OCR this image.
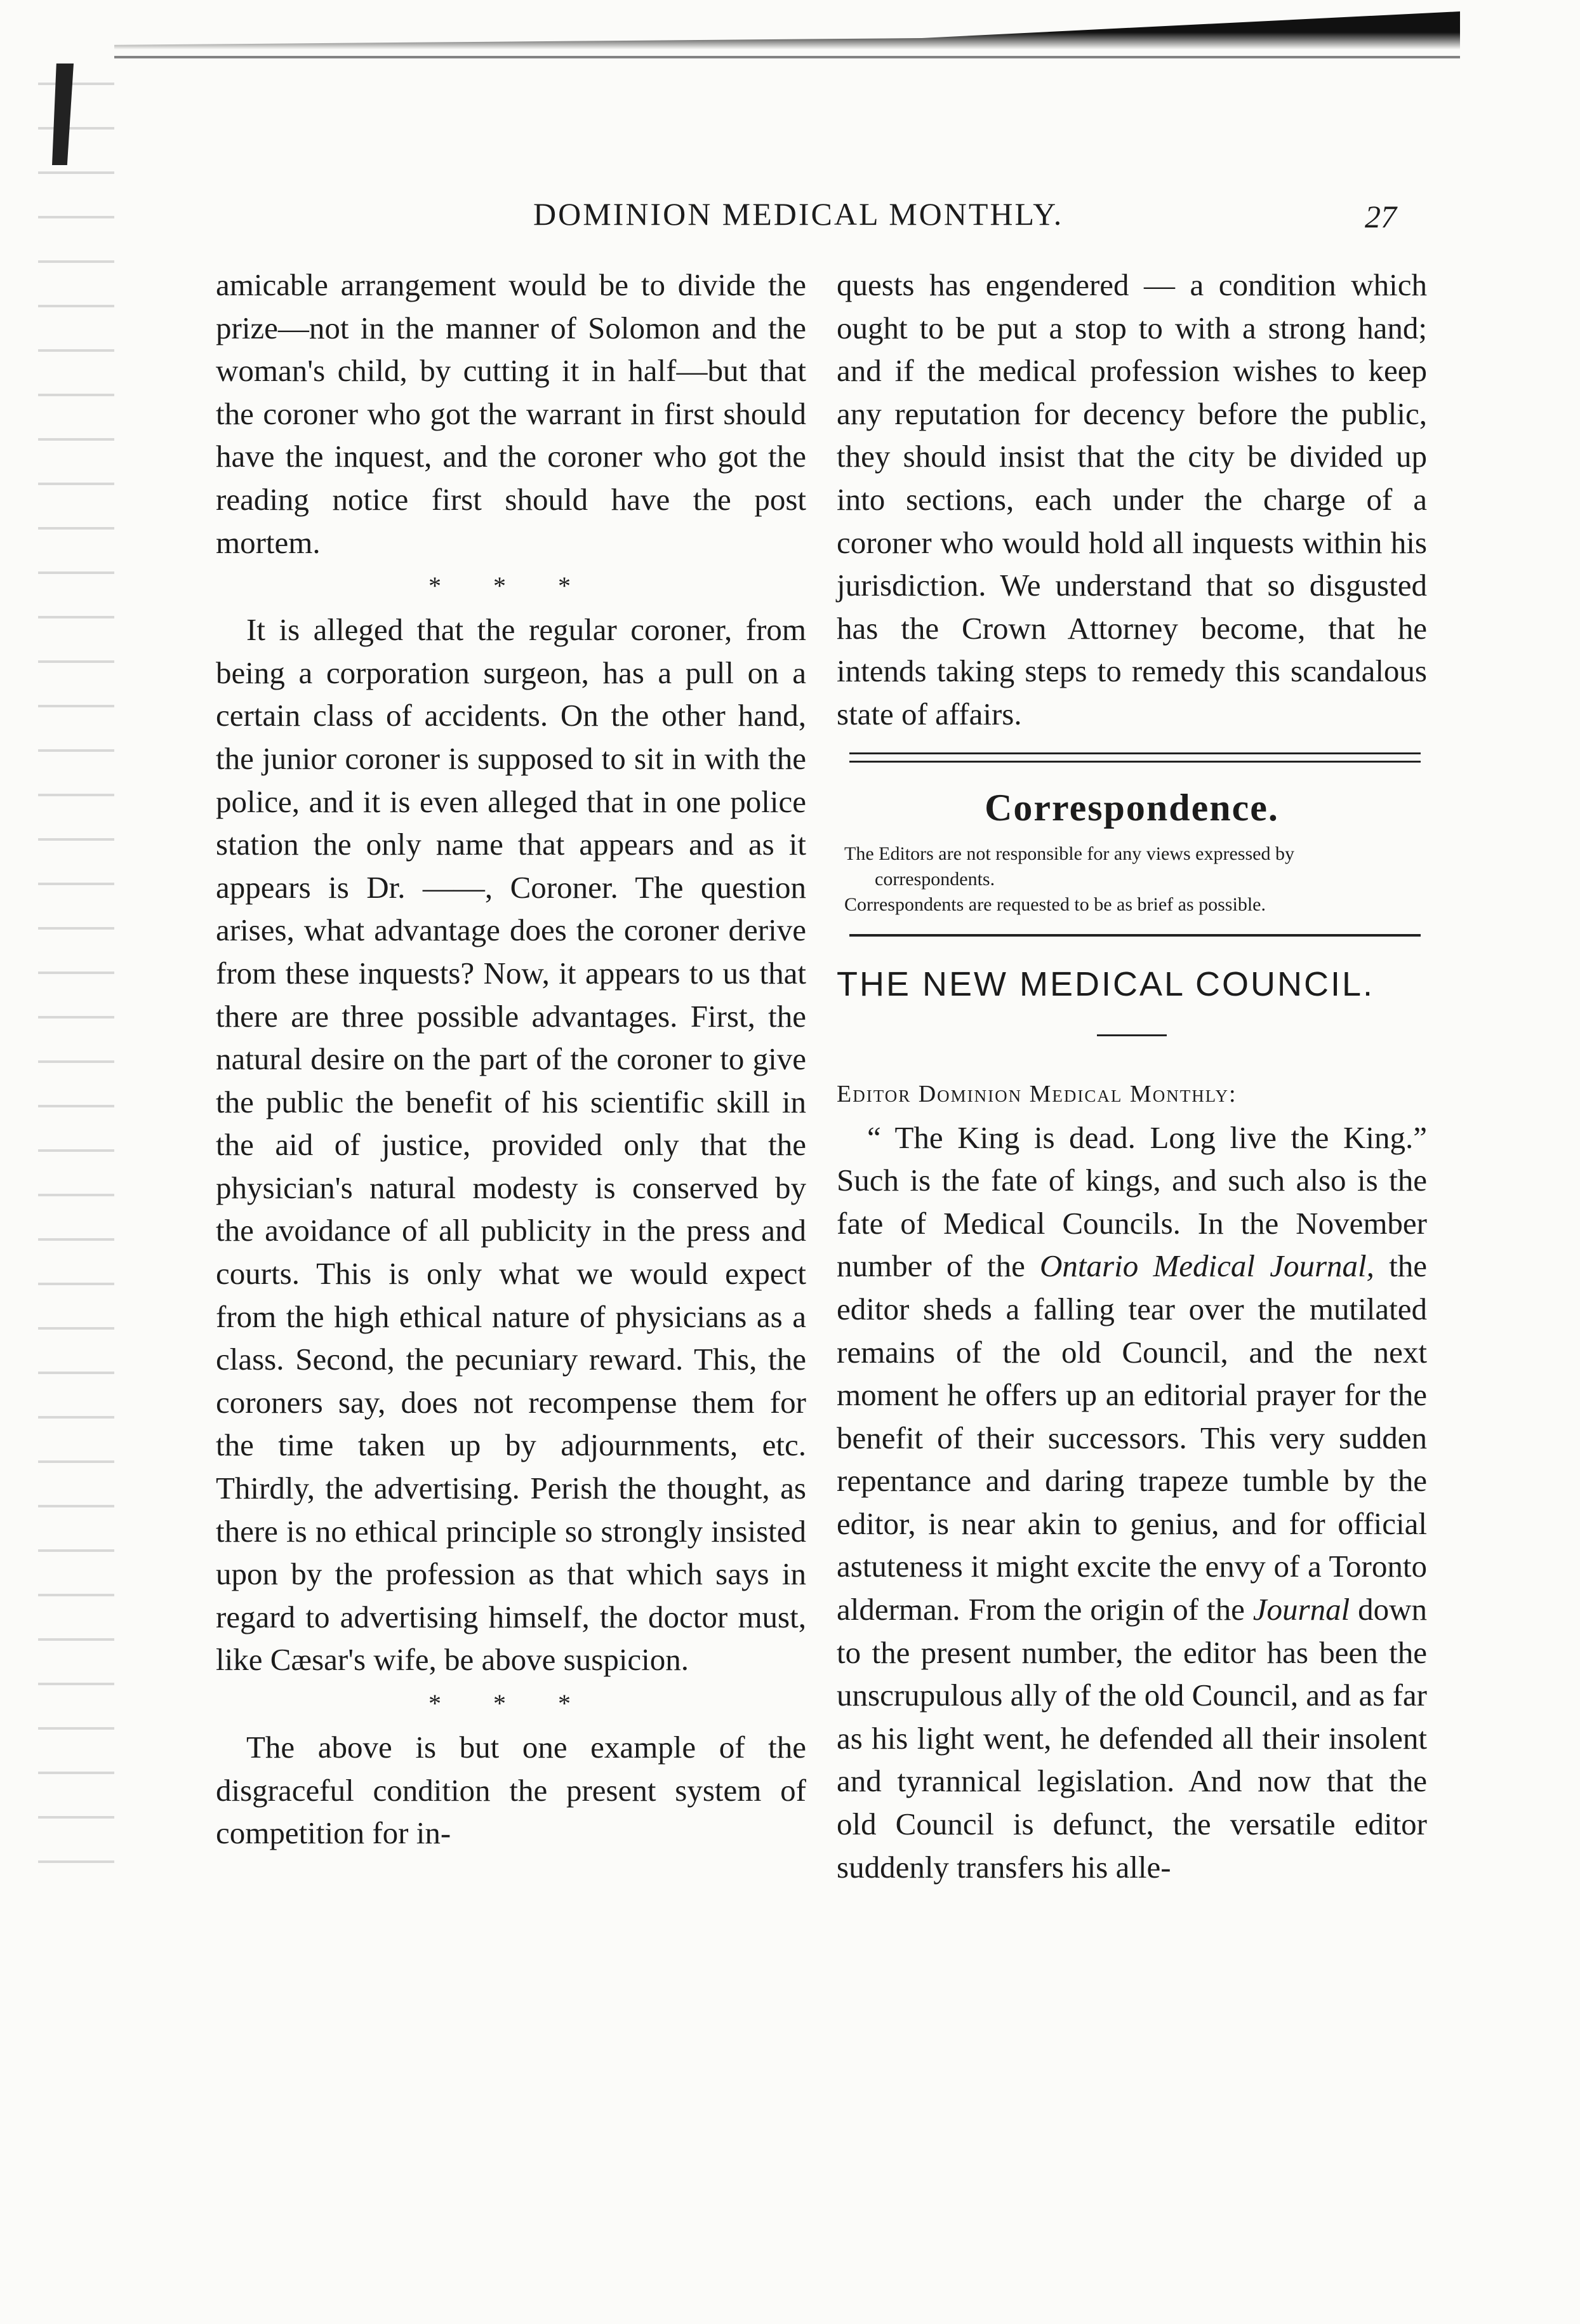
DOMINION MEDICAL MONTHLY.	27

amicable arrangement would be to divide the prize—not in the manner of Solomon and the woman's child, by cutting it in half—but that the coroner who got the warrant in first should have the inquest, and the coroner who got the reading notice first should have the post mortem.

* * *

It is alleged that the regular coroner, from being a corporation surgeon, has a pull on a certain class of accidents. On the other hand, the junior coroner is supposed to sit in with the police, and it is even alleged that in one police station the only name that appears and as it appears is Dr. ——, Coroner. The question arises, what advantage does the coroner derive from these inquests? Now, it appears to us that there are three possible advantages. First, the natural desire on the part of the coroner to give the public the benefit of his scientific skill in the aid of justice, provided only that the physician's natural modesty is conserved by the avoidance of all publicity in the press and courts. This is only what we would expect from the high ethical nature of physicians as a class. Second, the pecuniary reward. This, the coroners say, does not recompense them for the time taken up by adjournments, etc. Thirdly, the advertising. Perish the thought, as there is no ethical principle so strongly insisted upon by the profession as that which says in regard to advertising himself, the doctor must, like Cæsar's wife, be above suspicion.

* * *

The above is but one example of the disgraceful condition the present system of competition for in-

quests has engendered — a condition which ought to be put a stop to with a strong hand; and if the medical profession wishes to keep any reputation for decency before the public, they should insist that the city be divided up into sections, each under the charge of a coroner who would hold all inquests within his jurisdiction. We understand that so disgusted has the Crown Attorney become, that he intends taking steps to remedy this scandalous state of affairs.

Correspondence.
The Editors are not responsible for any views expressed by
correspondents.
Correspondents are requested to be as brief as possible.
THE NEW MEDICAL COUNCIL.
Editor Dominion Medical Monthly:

“ The King is dead. Long live the King.” Such is the fate of kings, and such also is the fate of Medical Councils. In the November number of the Ontario Medical Journal, the editor sheds a falling tear over the mutilated remains of the old Council, and the next moment he offers up an editorial prayer for the benefit of their successors. This very sudden repentance and daring trapeze tumble by the editor, is near akin to genius, and for official astuteness it might excite the envy of a Toronto alderman. From the origin of the Journal down to the present number, the editor has been the unscrupulous ally of the old Council, and as far as his light went, he defended all their insolent and tyrannical legislation. And now that the old Council is defunct, the versatile editor suddenly transfers his alle-
